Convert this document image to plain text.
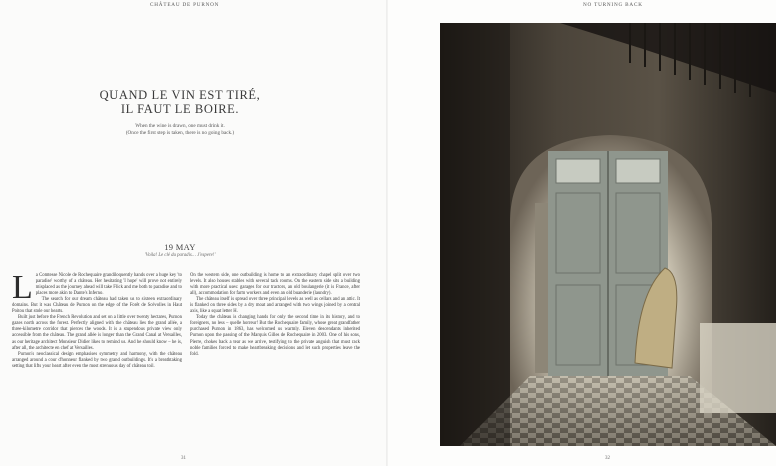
CHÂTEAU DE PURNON
QUAND LE VIN EST TIRÉ,
IL FAUT LE BOIRE.
When the wine is drawn, one must drink it.
(Once the first step is taken, there is no going back.)
19 MAY
'Voila! Le clé du paradis… J'espere!'

La Comtesse Nicole de Rochequaire grandiloquently hands over a huge key 'to paradise' worthy of a château. Her hesitating 'I hope' will prove not entirely misplaced as the journey ahead will take Flick and me both to paradise and to places more akin to Dante's Inferno.

The search for our dream château had taken us to sixteen extraordinary domains. But it was Château de Purnon on the edge of the Forêt de Scévolles in Haut Poitou that stole our hearts.

Built just before the French Revolution and set on a little over twenty hectares, Purnon gazes north across the forest. Perfectly aligned with the château lies the grand allée, a three-kilometre corridor that pierces the woods. It is a stupendous private view only accessible from the château. The grand allée is longer than the Grand Canal at Versailles, as our heritage architect Monsieur Didier likes to remind us. And he should know – he is, after all, the architecte en chef at Versailles.

Purnon's neoclassical design emphasises symmetry and harmony, with the château arranged around a cour d'honneur flanked by two grand outbuildings. It's a breathtaking setting that lifts your heart after even the most strenuous day of château toil.

On the western side, one outbuilding is home to an extraordinary chapel split over two levels. It also houses stables with several tack rooms. On the eastern side sits a building with more practical uses: garages for our tractors, an old boulangerie (it is France, after all), accommodation for farm workers and even an old buanderie (laundry).

The château itself is spread over three principal levels as well as cellars and an attic. It is flanked on three sides by a dry moat and arranged with two wings joined by a central axis, like a squat letter H.

Today the château is changing hands for only the second time in its history, and to foreigners, no less – quelle horreur! But the Rochequaire family, whose great grandfather purchased Purnon in 1863, has welcomed us warmly. Eleven descendants inherited Purnon upon the passing of the Marquis Gilles de Rochequaire in 2003. One of his sons, Pierre, chokes back a tear as we arrive, testifying to the private anguish that must rack noble families forced to make heartbreaking decisions and let such properties leave the fold.

31
NO TURNING BACK
32
